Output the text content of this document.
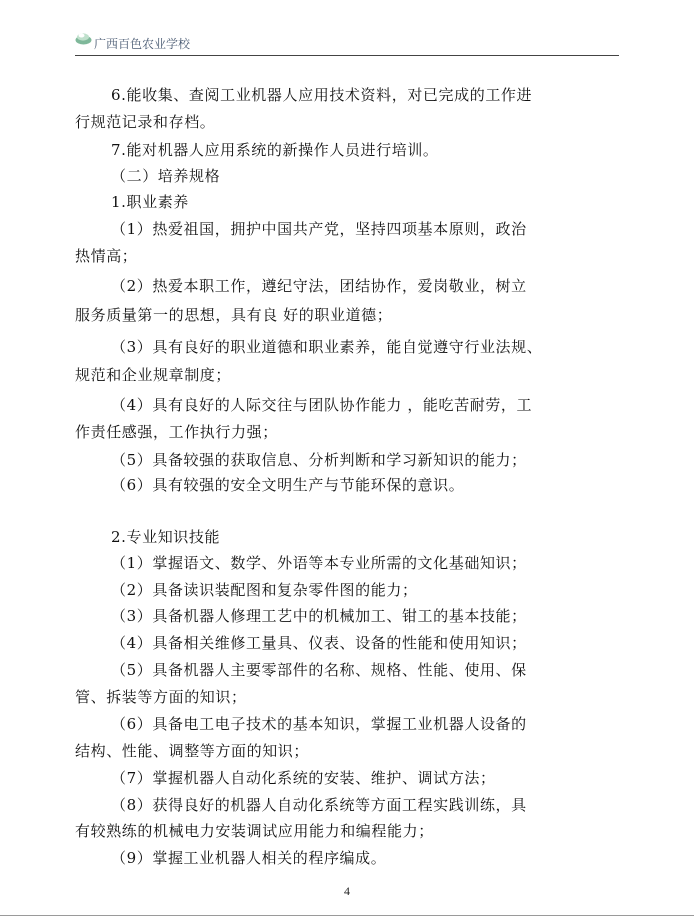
广西百色农业学校
6.能收集、查阅工业机器人应用技术资料，对已完成的工作进
行规范记录和存档。
7.能对机器人应用系统的新操作人员进行培训。
（二）培养规格
1.职业素养
（1）热爱祖国，拥护中国共产党，坚持四项基本原则，政治
热情高；
（2）热爱本职工作，遵纪守法，团结协作，爱岗敬业，树立
服务质量第一的思想，具有良 好的职业道德；
（3）具有良好的职业道德和职业素养，能自觉遵守行业法规、
规范和企业规章制度；
（4）具有良好的人际交往与团队协作能力 ，能吃苦耐劳，工
作责任感强，工作执行力强；
（5）具备较强的获取信息、分析判断和学习新知识的能力；
（6）具有较强的安全文明生产与节能环保的意识。
2.专业知识技能
（1）掌握语文、数学、外语等本专业所需的文化基础知识；
（2）具备读识装配图和复杂零件图的能力；
（3）具备机器人修理工艺中的机械加工、钳工的基本技能；
（4）具备相关维修工量具、仪表、设备的性能和使用知识；
（5）具备机器人主要零部件的名称、规格、性能、使用、保
管、拆装等方面的知识；
（6）具备电工电子技术的基本知识，掌握工业机器人设备的
结构、性能、调整等方面的知识；
（7）掌握机器人自动化系统的安装、维护、调试方法；
（8）获得良好的机器人自动化系统等方面工程实践训练，具
有较熟练的机械电力安装调试应用能力和编程能力；
（9）掌握工业机器人相关的程序编成。
4
